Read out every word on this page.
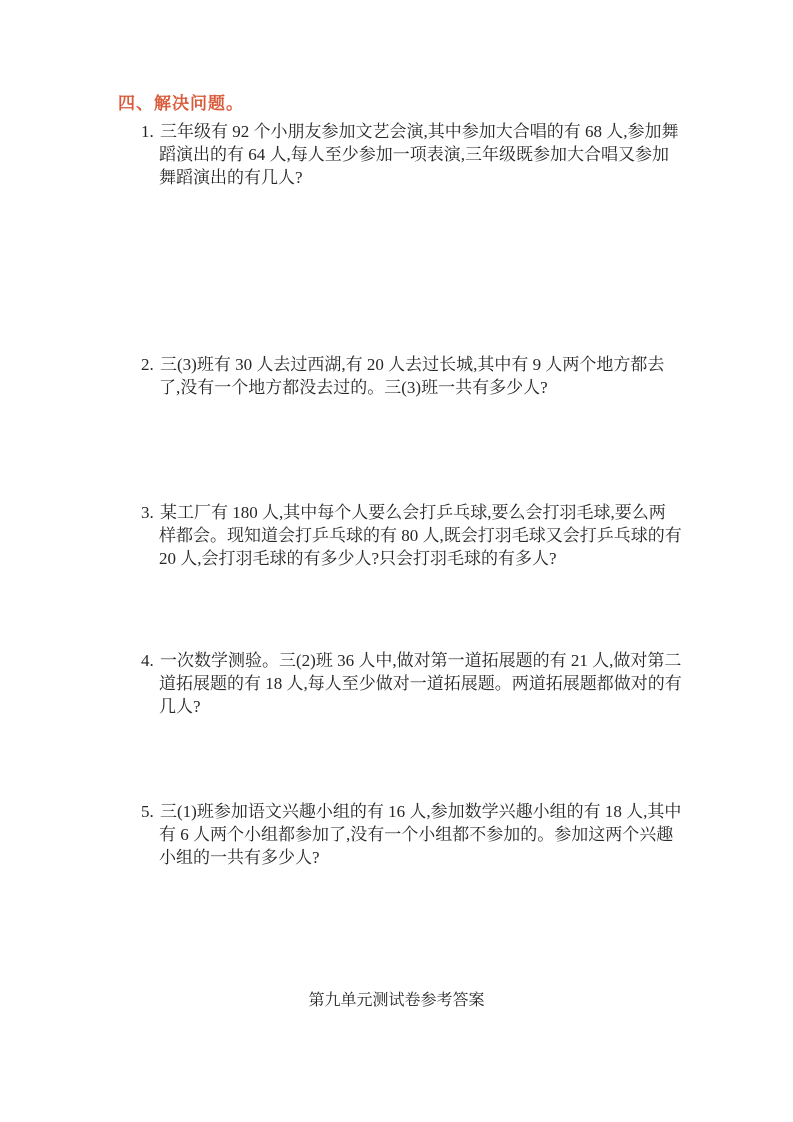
四、解决问题。

1. 三年级有 92 个小朋友参加文艺会演,其中参加大合唱的有 68 人,参加舞蹈演出的有 64 人,每人至少参加一项表演,三年级既参加大合唱又参加舞蹈演出的有几人?

2. 三(3)班有 30 人去过西湖,有 20 人去过长城,其中有 9 人两个地方都去了,没有一个地方都没去过的。三(3)班一共有多少人?

3. 某工厂有 180 人,其中每个人要么会打乒乓球,要么会打羽毛球,要么两样都会。现知道会打乒乓球的有 80 人,既会打羽毛球又会打乒乓球的有 20 人,会打羽毛球的有多少人?只会打羽毛球的有多人?

4. 一次数学测验。三(2)班 36 人中,做对第一道拓展题的有 21 人,做对第二道拓展题的有 18 人,每人至少做对一道拓展题。两道拓展题都做对的有几人?

5. 三(1)班参加语文兴趣小组的有 16 人,参加数学兴趣小组的有 18 人,其中有 6 人两个小组都参加了,没有一个小组都不参加的。参加这两个兴趣小组的一共有多少人?

第九单元测试卷参考答案
